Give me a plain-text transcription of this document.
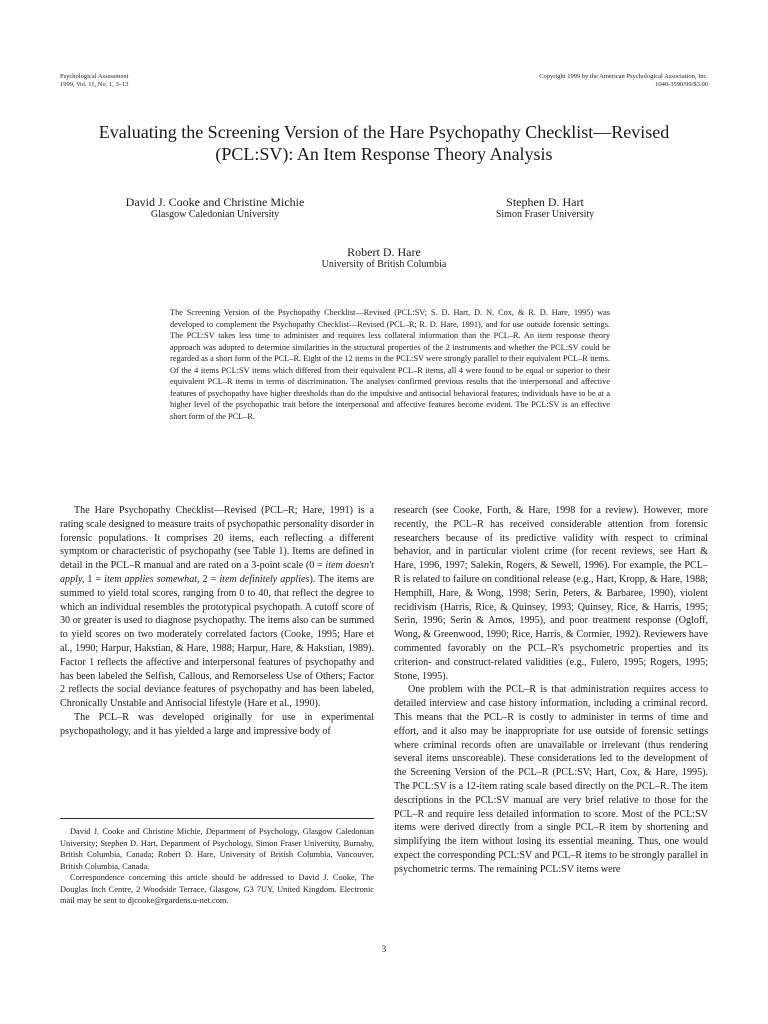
Psychological Assessment
1999, Vol. 11, No. 1, 3–13
Copyright 1999 by the American Psychological Association, Inc.
1040-3590/99/$3.00
Evaluating the Screening Version of the Hare Psychopathy Checklist—Revised (PCL:SV): An Item Response Theory Analysis
David J. Cooke and Christine Michie
Glasgow Caledonian University
Stephen D. Hart
Simon Fraser University
Robert D. Hare
University of British Columbia

The Screening Version of the Psychopathy Checklist—Revised (PCL:SV; S. D. Hart, D. N. Cox, & R. D. Hare, 1995) was developed to complement the Psychopathy Checklist—Revised (PCL–R; R. D. Hare, 1991), and for use outside forensic settings. The PCL:SV takes less time to administer and requires less collateral information than the PCL–R. An item response theory approach was adopted to determine similarities in the structural properties of the 2 instruments and whether the PCL:SV could be regarded as a short form of the PCL–R. Eight of the 12 items in the PCL:SV were strongly parallel to their equivalent PCL–R items. Of the 4 items PCL:SV items which differed from their equivalent PCL–R items, all 4 were found to be equal or superior to their equivalent PCL–R items in terms of discrimination. The analyses confirmed previous results that the interpersonal and affective features of psychopathy have higher thresholds than do the impulsive and antisocial behavioral features; individuals have to be at a higher level of the psychopathic trait before the interpersonal and affective features become evident. The PCL:SV is an effective short form of the PCL–R.

The Hare Psychopathy Checklist—Revised (PCL–R; Hare, 1991) is a rating scale designed to measure traits of psychopathic personality disorder in forensic populations. It comprises 20 items, each reflecting a different symptom or characteristic of psychopathy (see Table 1). Items are defined in detail in the PCL–R manual and are rated on a 3-point scale (0 = item doesn't apply, 1 = item applies somewhat, 2 = item definitely applies). The items are summed to yield total scores, ranging from 0 to 40, that reflect the degree to which an individual resembles the prototypical psychopath. A cutoff score of 30 or greater is used to diagnose psychopathy. The items also can be summed to yield scores on two moderately correlated factors (Cooke, 1995; Hare et al., 1990; Harpur, Hakstian, & Hare, 1988; Harpur, Hare, & Hakstian, 1989). Factor 1 reflects the affective and interpersonal features of psychopathy and has been labeled the Selfish, Callous, and Remorseless Use of Others; Factor 2 reflects the social deviance features of psychopathy and has been labeled, Chronically Unstable and Antisocial lifestyle (Hare et al., 1990).

The PCL–R was developed originally for use in experimental psychopathology, and it has yielded a large and impressive body of

David J. Cooke and Christine Michie, Department of Psychology, Glasgow Caledonian University; Stephen D. Hart, Department of Psychology, Simon Fraser University, Burnaby, British Columbia, Canada; Robert D. Hare, University of British Columbia, Vancouver, British Columbia, Canada.

Correspondence concerning this article should be addressed to David J. Cooke, The Douglas Inch Centre, 2 Woodside Terrace, Glasgow, G3 7UY, United Kingdom. Electronic mail may be sent to djcooke@rgardens.u-net.com.

research (see Cooke, Forth, & Hare, 1998 for a review). However, more recently, the PCL–R has received considerable attention from forensic researchers because of its predictive validity with respect to criminal behavior, and in particular violent crime (for recent reviews, see Hart & Hare, 1996, 1997; Salekin, Rogers, & Sewell, 1996). For example, the PCL–R is related to failure on conditional release (e.g., Hart, Kropp, & Hare, 1988; Hemphill, Hare, & Wong, 1998; Serin, Peters, & Barbaree, 1990), violent recidivism (Harris, Rice, & Quinsey, 1993; Quinsey, Rice, & Harris, 1995; Serin, 1996; Serin & Amos, 1995), and poor treatment response (Ogloff, Wong, & Greenwood, 1990; Rice, Harris, & Cormier, 1992). Reviewers have commented favorably on the PCL–R's psychometric properties and its criterion- and construct-related validities (e.g., Fulero, 1995; Rogers, 1995; Stone, 1995).

One problem with the PCL–R is that administration requires access to detailed interview and case history information, including a criminal record. This means that the PCL–R is costly to administer in terms of time and effort, and it also may be inappropriate for use outside of forensic settings where criminal records often are unavailable or irrelevant (thus rendering several items unscoreable). These considerations led to the development of the Screening Version of the PCL–R (PCL:SV; Hart, Cox, & Hare, 1995). The PCL:SV is a 12-item rating scale based directly on the PCL–R. The item descriptions in the PCL:SV manual are very brief relative to those for the PCL–R and require less detailed information to score. Most of the PCL:SV items were derived directly from a single PCL–R item by shortening and simplifying the item without losing its essential meaning. Thus, one would expect the corresponding PCL:SV and PCL–R items to be strongly parallel in psychometric terms. The remaining PCL:SV items were

3
